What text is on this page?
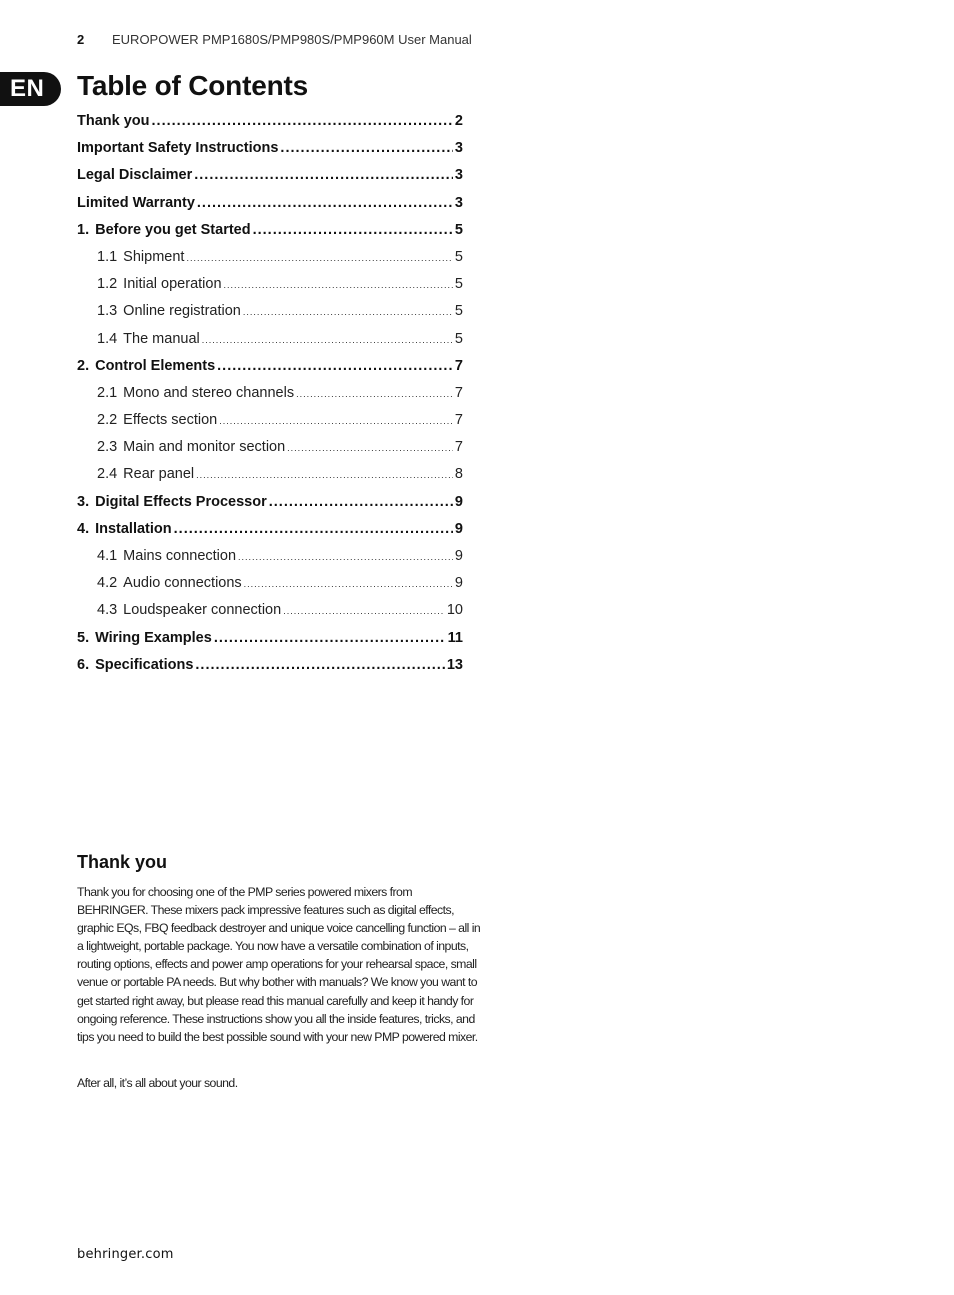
2 EUROPOWER PMP1680S/PMP980S/PMP960M User Manual
EN	Table of Contents
Thank you .....	2
Important Safety Instructions .....	3
Legal Disclaimer .....	3
Limited Warranty .....	3
1. Before you get Started .....	5
1.1 Shipment .....	5
1.2 Initial operation .....	5
1.3 Online registration .....	5
1.4 The manual .....	5
2. Control Elements .....	7
2.1 Mono and stereo channels .....	7
2.2 Effects section .....	7
2.3 Main and monitor section .....	7
2.4 Rear panel .....	8
3. Digital Effects Processor .....	9
4. Installation .....	9
4.1 Mains connection .....	9
4.2 Audio connections .....	9
4.3 Loudspeaker connection .....	10
5. Wiring Examples .....	11
6. Specifications .....	13
Thank you

Thank you for choosing one of the PMP series powered mixers from BEHRINGER. These mixers pack impressive features such as digital effects, graphic EQs, FBQ feedback destroyer and unique voice cancelling function – all in a lightweight, portable package. You now have a versatile combination of inputs, routing options, effects and power amp operations for your rehearsal space, small venue or portable PA needs. But why bother with manuals? We know you want to get started right away, but please read this manual carefully and keep it handy for ongoing reference. These instructions show you all the inside features, tricks, and tips you need to build the best possible sound with your new PMP powered mixer.

After all, it’s all about your sound.

behringer.com
